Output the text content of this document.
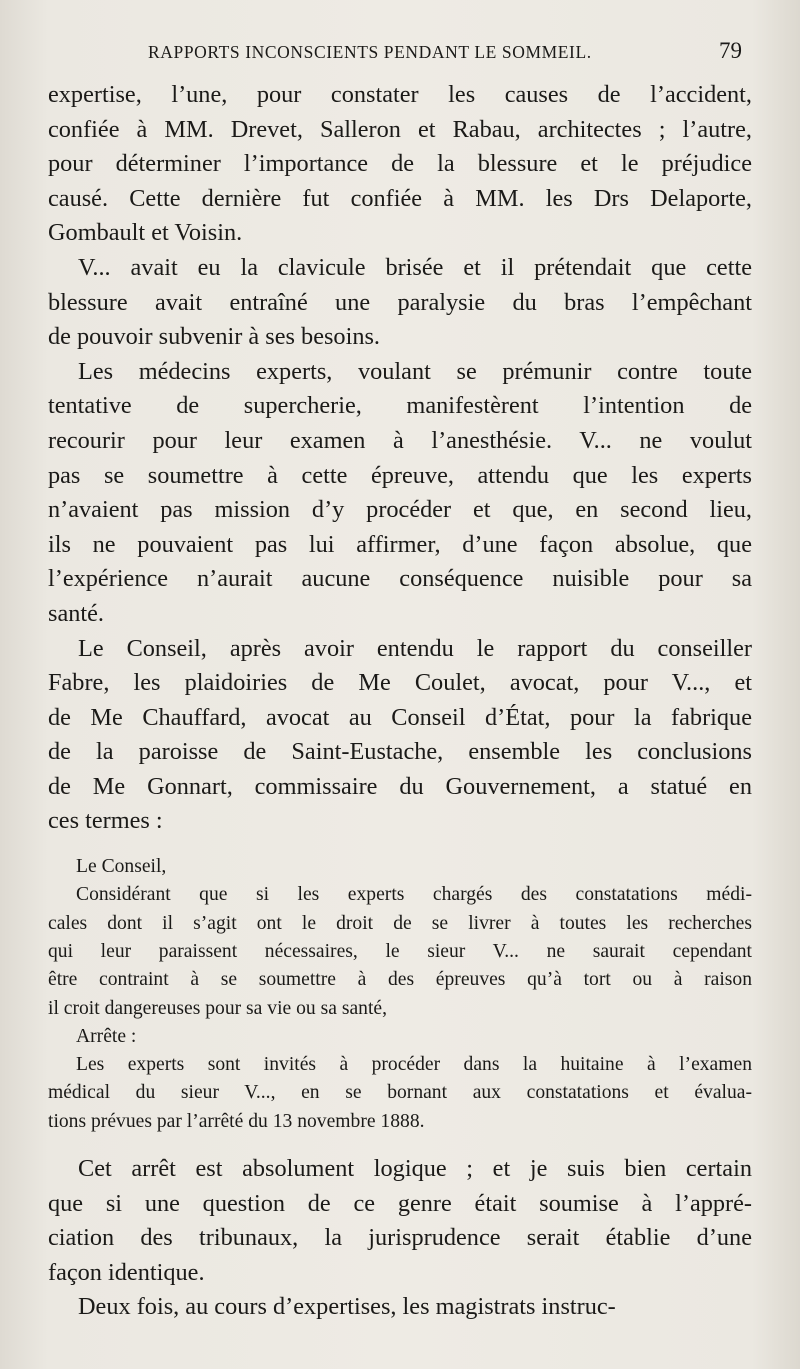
RAPPORTS INCONSCIENTS PENDANT LE SOMMEIL.	79
expertise, l’une, pour constater les causes de l’accident,
confiée à MM. Drevet, Salleron et Rabau, architectes ; l’autre,
pour déterminer l’importance de la blessure et le préjudice
causé. Cette dernière fut confiée à MM. les Drs Delaporte,
Gombault et Voisin.
V... avait eu la clavicule brisée et il prétendait que cette
blessure avait entraîné une paralysie du bras l’empêchant
de pouvoir subvenir à ses besoins.
Les médecins experts, voulant se prémunir contre toute
tentative de supercherie, manifestèrent l’intention de
recourir pour leur examen à l’anesthésie. V... ne voulut
pas se soumettre à cette épreuve, attendu que les experts
n’avaient pas mission d’y procéder et que, en second lieu,
ils ne pouvaient pas lui affirmer, d’une façon absolue, que
l’expérience n’aurait aucune conséquence nuisible pour sa
santé.
Le Conseil, après avoir entendu le rapport du conseiller
Fabre, les plaidoiries de Me Coulet, avocat, pour V..., et
de Me Chauffard, avocat au Conseil d’État, pour la fabrique
de la paroisse de Saint-Eustache, ensemble les conclusions
de Me Gonnart, commissaire du Gouvernement, a statué en
ces termes :
Le Conseil,
Considérant que si les experts chargés des constatations médi-
cales dont il s’agit ont le droit de se livrer à toutes les recherches
qui leur paraissent nécessaires, le sieur V... ne saurait cependant
être contraint à se soumettre à des épreuves qu’à tort ou à raison
il croit dangereuses pour sa vie ou sa santé,
Arrête :
Les experts sont invités à procéder dans la huitaine à l’examen
médical du sieur V..., en se bornant aux constatations et évalua-
tions prévues par l’arrêté du 13 novembre 1888.
Cet arrêt est absolument logique ; et je suis bien certain
que si une question de ce genre était soumise à l’appré-
ciation des tribunaux, la jurisprudence serait établie d’une
façon identique.
Deux fois, au cours d’expertises, les magistrats instruc-
